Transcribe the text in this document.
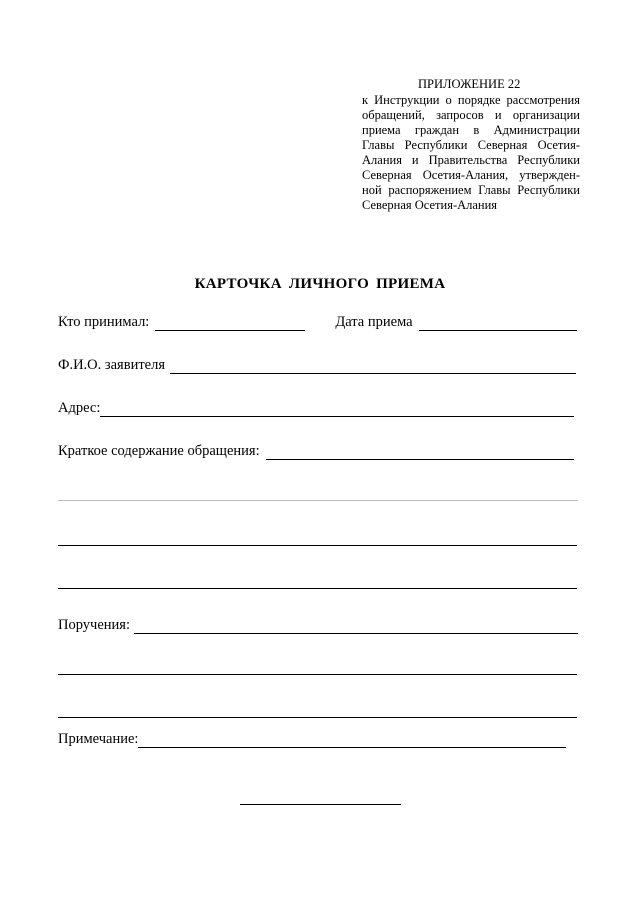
ПРИЛОЖЕНИЕ 22
к Инструкции о порядке рассмотрения
обращений, запросов и организации
приема граждан в Администрации
Главы Республики Северная Осетия-
Алания и Правительства Республики
Северная Осетия-Алания, утвержден-
ной распоряжением Главы Республики
Северная Осетия-Алания
КАРТОЧКА ЛИЧНОГО ПРИЕМА
Кто принимал:	Дата приема
Ф.И.О. заявителя
Адрес:
Краткое содержание обращения:
Поручения:
Примечание:
